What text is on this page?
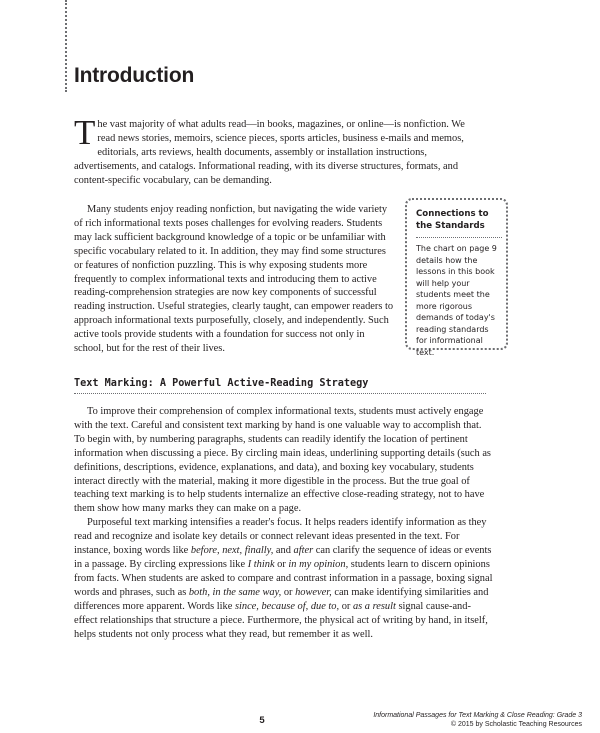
Introduction

The vast majority of what adults read—in books, magazines, or online—is nonfiction. We read news stories, memoirs, science pieces, sports articles, business e-mails and memos, editorials, arts reviews, health documents, assembly or installation instructions, advertisements, and catalogs. Informational reading, with its diverse structures, formats, and content-specific vocabulary, can be demanding.

Many students enjoy reading nonfiction, but navigating the wide variety of rich informational texts poses challenges for evolving readers. Students may lack sufficient background knowledge of a topic or be unfamiliar with specific vocabulary related to it. In addition, they may find some structures or features of nonfiction puzzling. This is why exposing students more frequently to complex informational texts and introducing them to active reading-comprehension strategies are now key components of successful reading instruction. Useful strategies, clearly taught, can empower readers to approach informational texts purposefully, closely, and independently. Such active tools provide students with a foundation for success not only in school, but for the rest of their lives.

Connections to the Standards
The chart on page 9 details how the lessons in this book will help your students meet the more rigorous demands of today's reading standards for informational text.
Text Marking: A Powerful Active-Reading Strategy

To improve their comprehension of complex informational texts, students must actively engage with the text. Careful and consistent text marking by hand is one valuable way to accomplish that. To begin with, by numbering paragraphs, students can readily identify the location of pertinent information when discussing a piece. By circling main ideas, underlining supporting details (such as definitions, descriptions, evidence, explanations, and data), and boxing key vocabulary, students interact directly with the material, making it more digestible in the process. But the true goal of teaching text marking is to help students internalize an effective close-reading strategy, not to have them show how many marks they can make on a page.

Purposeful text marking intensifies a reader's focus. It helps readers identify information as they read and recognize and isolate key details or connect relevant ideas presented in the text. For instance, boxing words like before, next, finally, and after can clarify the sequence of ideas or events in a passage. By circling expressions like I think or in my opinion, students learn to discern opinions from facts. When students are asked to compare and contrast information in a passage, boxing signal words and phrases, such as both, in the same way, or however, can make identifying similarities and differences more apparent. Words like since, because of, due to, or as a result signal cause-and-effect relationships that structure a piece. Furthermore, the physical act of writing by hand, in itself, helps students not only process what they read, but remember it as well.

5	Informational Passages for Text Marking & Close Reading: Grade 3
© 2015 by Scholastic Teaching Resources
